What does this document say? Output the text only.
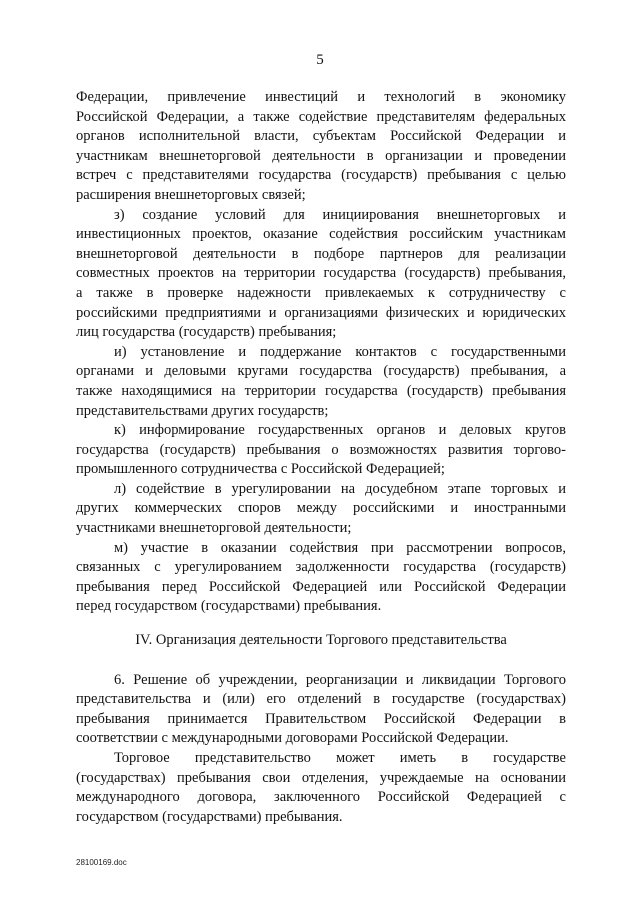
5
Федерации, привлечение инвестиций и технологий в экономику
Российской Федерации, а также содействие представителям федеральных
органов исполнительной власти, субъектам Российской Федерации и
участникам внешнеторговой деятельности в организации и проведении
встреч с представителями государства (государств) пребывания с целью
расширения внешнеторговых связей;
з) создание условий для инициирования внешнеторговых и
инвестиционных проектов, оказание содействия российским участникам
внешнеторговой деятельности в подборе партнеров для реализации
совместных проектов на территории государства (государств) пребывания,
а также в проверке надежности привлекаемых к сотрудничеству с
российскими предприятиями и организациями физических и юридических
лиц государства (государств) пребывания;
и) установление и поддержание контактов с государственными
органами и деловыми кругами государства (государств) пребывания, а
также находящимися на территории государства (государств) пребывания
представительствами других государств;
к) информирование государственных органов и деловых кругов
государства (государств) пребывания о возможностях развития торгово-
промышленного сотрудничества с Российской Федерацией;
л) содействие в урегулировании на досудебном этапе торговых и
других коммерческих споров между российскими и иностранными
участниками внешнеторговой деятельности;
м) участие в оказании содействия при рассмотрении вопросов,
связанных с урегулированием задолженности государства (государств)
пребывания перед Российской Федерацией или Российской Федерации
перед государством (государствами) пребывания.
IV. Организация деятельности Торгового представительства
6. Решение об учреждении, реорганизации и ликвидации Торгового
представительства и (или) его отделений в государстве (государствах)
пребывания принимается Правительством Российской Федерации в
соответствии с международными договорами Российской Федерации.
Торговое представительство может иметь в государстве
(государствах) пребывания свои отделения, учреждаемые на основании
международного договора, заключенного Российской Федерацией с
государством (государствами) пребывания.
28100169.doc
